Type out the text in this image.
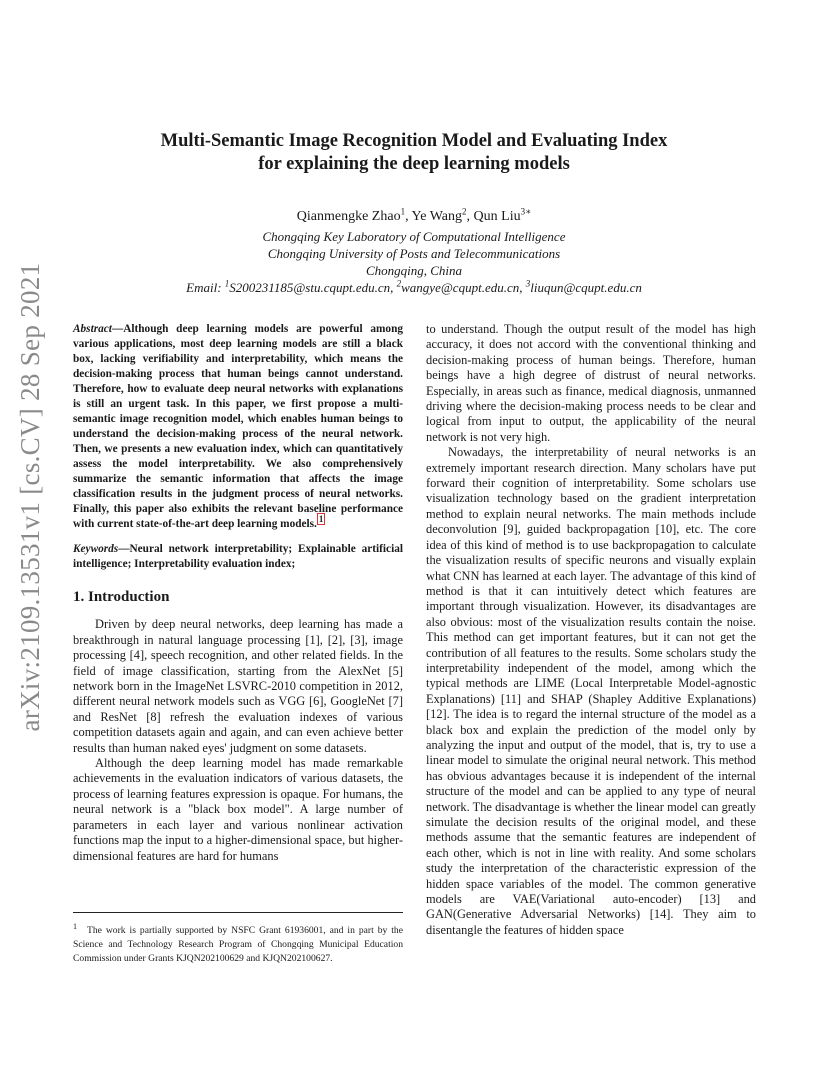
arXiv:2109.13531v1 [cs.CV] 28 Sep 2021
Multi-Semantic Image Recognition Model and Evaluating Index
for explaining the deep learning models
Qianmengke Zhao$^1$, Ye Wang$^2$, Qun Liu$^{3∗}$
Chongqing Key Laboratory of Computational Intelligence
Chongqing University of Posts and Telecommunications
Chongqing, China
Email: $^1$S200231185@stu.cqupt.edu.cn, $^2$wangye@cqupt.edu.cn, $^3$liuqun@cqupt.edu.cn
Abstract—Although deep learning models are powerful among various applications, most deep learning models are still a black box, lacking verifiability and interpretability, which means the decision-making process that human beings cannot understand. Therefore, how to evaluate deep neural networks with explanations is still an urgent task. In this paper, we first propose a multi-semantic image recognition model, which enables human beings to understand the decision-making process of the neural network. Then, we presents a new evaluation index, which can quantitatively assess the model interpretability. We also comprehensively summarize the semantic information that affects the image classification results in the judgment process of neural networks. Finally, this paper also exhibits the relevant baseline performance with current state-of-the-art deep learning models. $^1$
Keywords—Neural network interpretability; Explainable artificial intelligence; Interpretability evaluation index;
1. Introduction

Driven by deep neural networks, deep learning has made a breakthrough in natural language processing [1], [2], [3], image processing [4], speech recognition, and other related fields. In the field of image classification, starting from the AlexNet [5] network born in the ImageNet LSVRC-2010 competition in 2012, different neural network models such as VGG [6], GoogleNet [7] and ResNet [8] refresh the evaluation indexes of various competition datasets again and again, and can even achieve better results than human naked eyes' judgment on some datasets.

Although the deep learning model has made remarkable achievements in the evaluation indicators of various datasets, the process of learning features expression is opaque. For humans, the neural network is a "black box model". A large number of parameters in each layer and various nonlinear activation functions map the input to a higher-dimensional space, but higher-dimensional features are hard for humans

to understand. Though the output result of the model has high accuracy, it does not accord with the conventional thinking and decision-making process of human beings. Therefore, human beings have a high degree of distrust of neural networks. Especially, in areas such as finance, medical diagnosis, unmanned driving where the decision-making process needs to be clear and logical from input to output, the applicability of the neural network is not very high.

Nowadays, the interpretability of neural networks is an extremely important research direction. Many scholars have put forward their cognition of interpretability. Some scholars use visualization technology based on the gradient interpretation method to explain neural networks. The main methods include deconvolution [9], guided backpropagation [10], etc. The core idea of this kind of method is to use backpropagation to calculate the visualization results of specific neurons and visually explain what CNN has learned at each layer. The advantage of this kind of method is that it can intuitively detect which features are important through visualization. However, its disadvantages are also obvious: most of the visualization results contain the noise. This method can get important features, but it can not get the contribution of all features to the results. Some scholars study the interpretability independent of the model, among which the typical methods are LIME (Local Interpretable Model-agnostic Explanations) [11] and SHAP (Shapley Additive Explanations) [12]. The idea is to regard the internal structure of the model as a black box and explain the prediction of the model only by analyzing the input and output of the model, that is, try to use a linear model to simulate the original neural network. This method has obvious advantages because it is independent of the internal structure of the model and can be applied to any type of neural network. The disadvantage is whether the linear model can greatly simulate the decision results of the original model, and these methods assume that the semantic features are independent of each other, which is not in line with reality. And some scholars study the interpretation of the characteristic expression of the hidden space variables of the model. The common generative models are VAE(Variational auto-encoder) [13] and GAN(Generative Adversarial Networks) [14]. They aim to disentangle the features of hidden space

$^1$ The work is partially supported by NSFC Grant 61936001, and in part by the Science and Technology Research Program of Chongqing Municipal Education Commission under Grants KJQN202100629 and KJQN202100627.
